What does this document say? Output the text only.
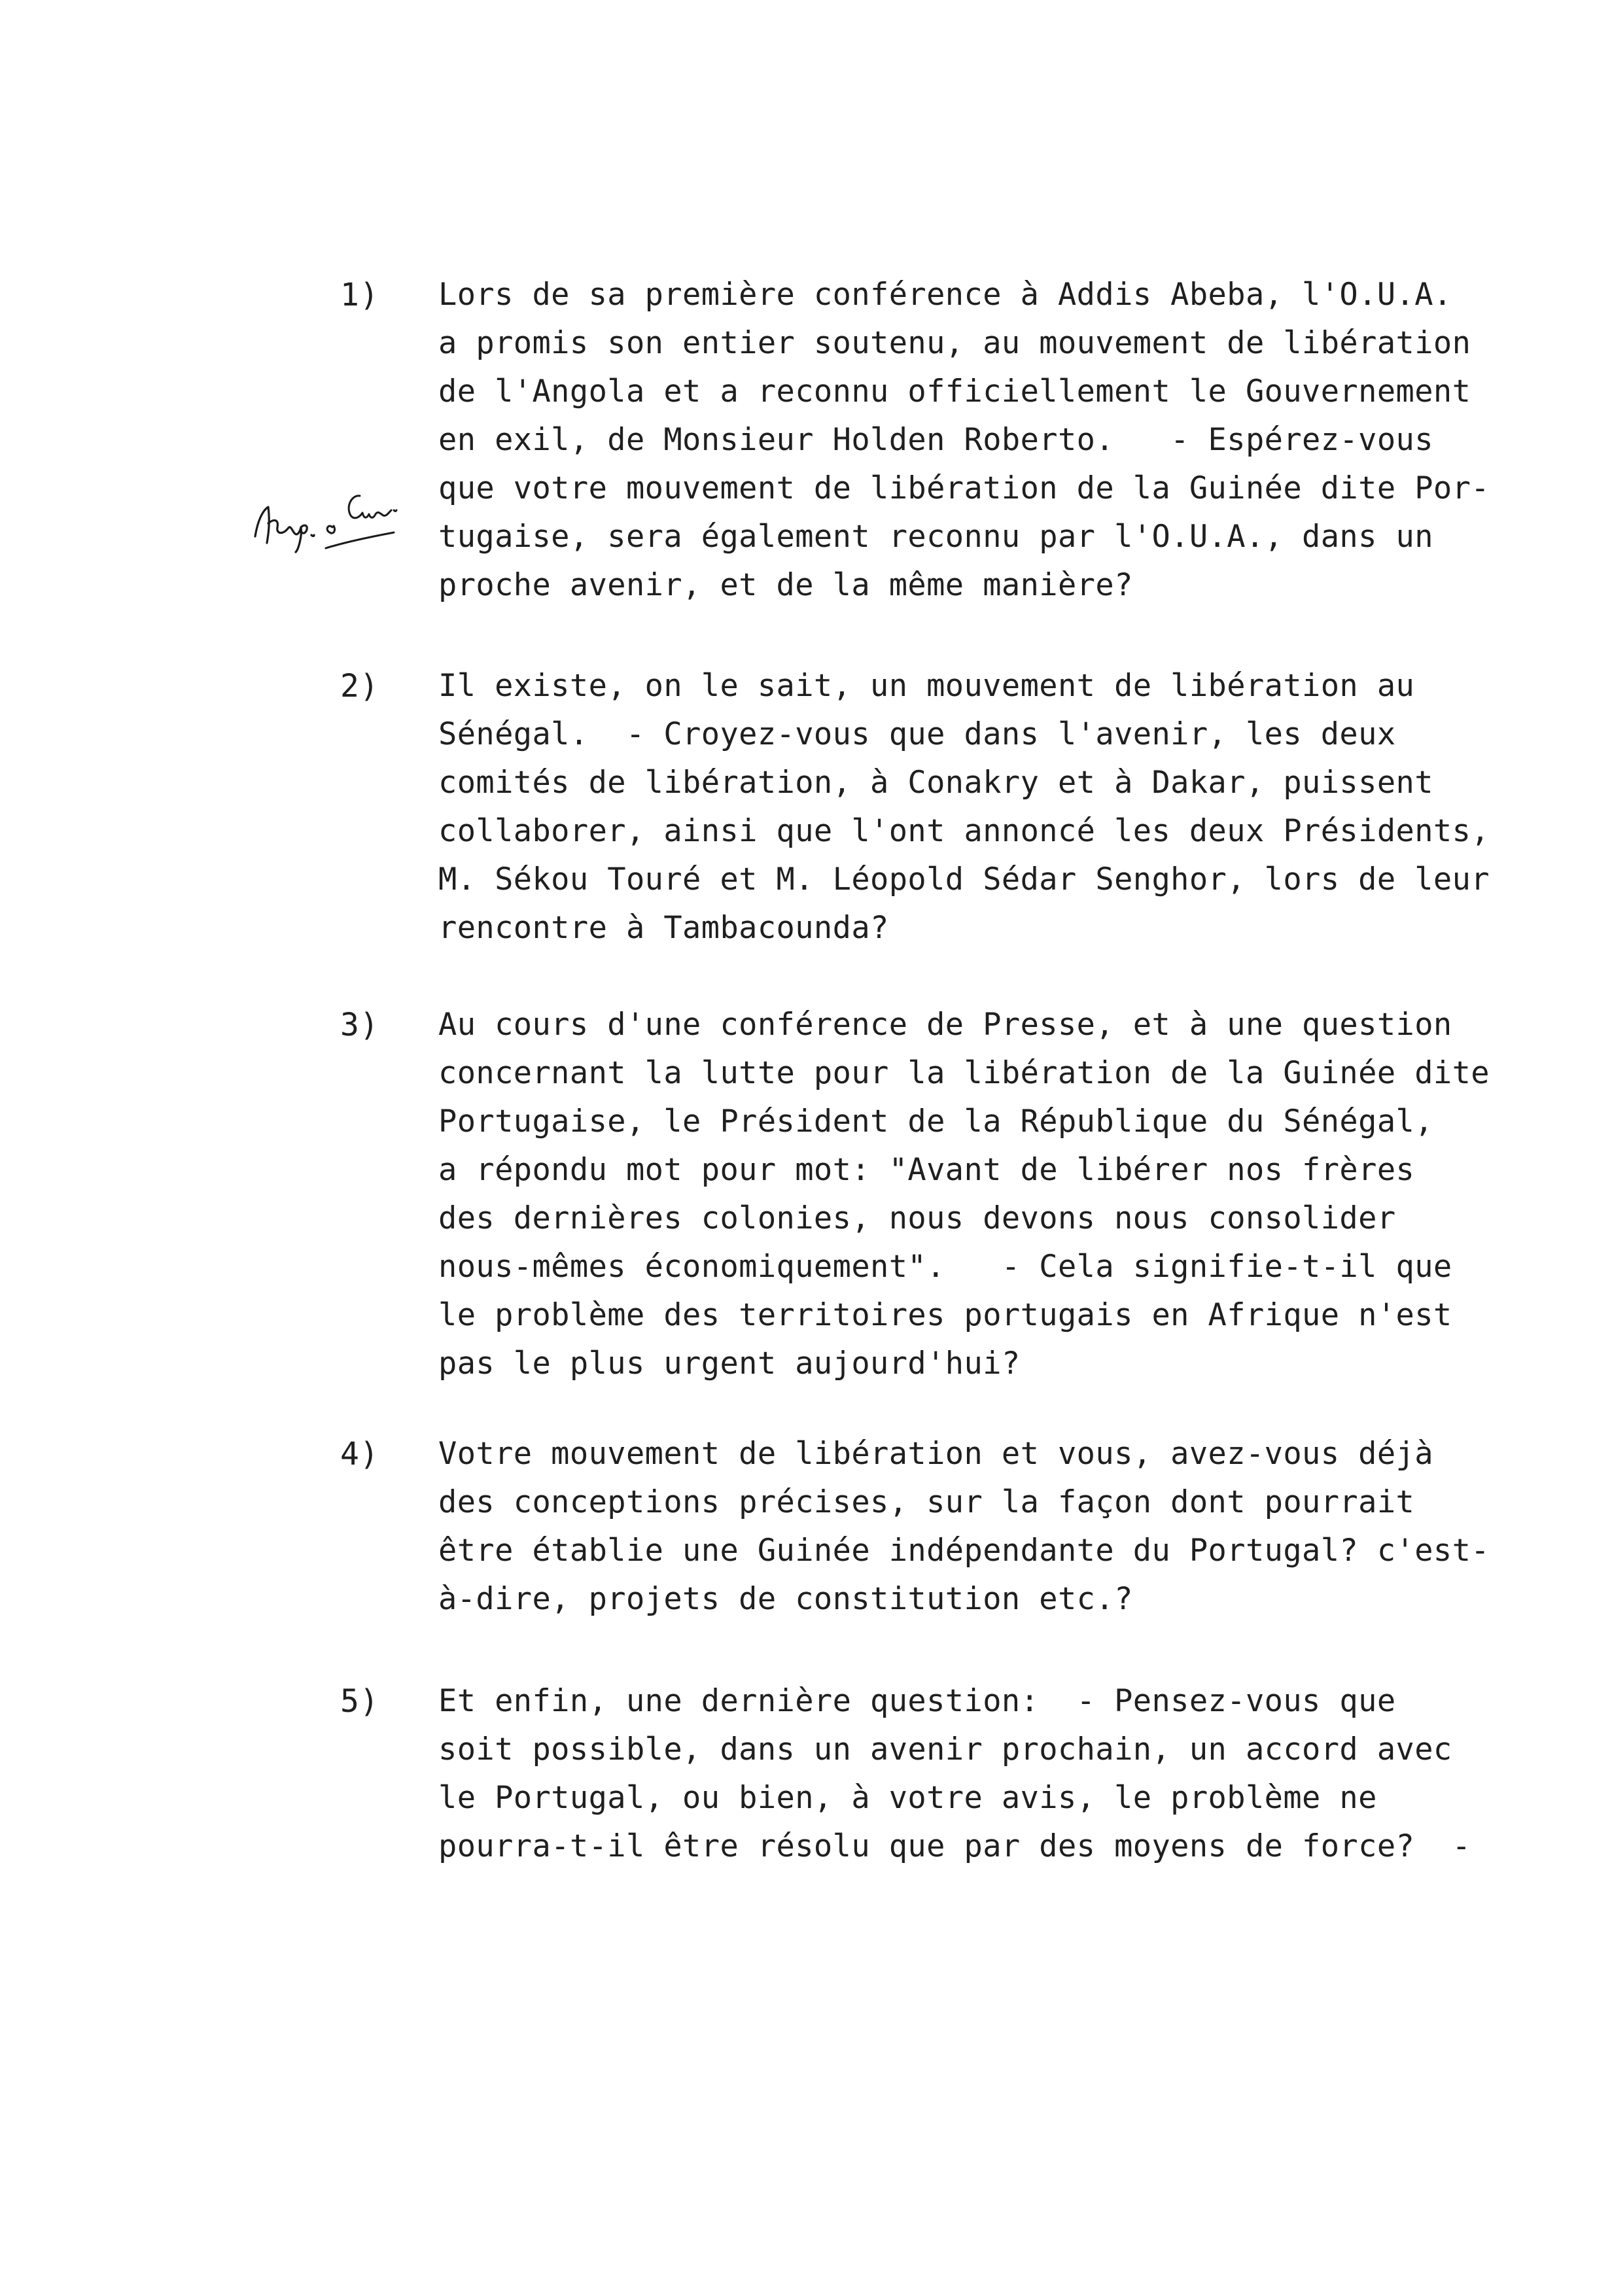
1)	Lors de sa première conférence à Addis Abeba, l'O.U.A.
a promis son entier soutenu, au mouvement de libération
de l'Angola et a reconnu officiellement le Gouvernement
en exil, de Monsieur Holden Roberto.   - Espérez-vous
que votre mouvement de libération de la Guinée dite Por-
tugaise, sera également reconnu par l'O.U.A., dans un
proche avenir, et de la même manière?
2)	Il existe, on le sait, un mouvement de libération au
Sénégal.  - Croyez-vous que dans l'avenir, les deux
comités de libération, à Conakry et à Dakar, puissent
collaborer, ainsi que l'ont annoncé les deux Présidents,
M. Sékou Touré et M. Léopold Sédar Senghor, lors de leur
rencontre à Tambacounda?
3)	Au cours d'une conférence de Presse, et à une question
concernant la lutte pour la libération de la Guinée dite
Portugaise, le Président de la République du Sénégal,
a répondu mot pour mot: "Avant de libérer nos frères
des dernières colonies, nous devons nous consolider
nous-mêmes économiquement".   - Cela signifie-t-il que
le problème des territoires portugais en Afrique n'est
pas le plus urgent aujourd'hui?
4)	Votre mouvement de libération et vous, avez-vous déjà
des conceptions précises, sur la façon dont pourrait
être établie une Guinée indépendante du Portugal? c'est-
à-dire, projets de constitution etc.?
5)	Et enfin, une dernière question:  - Pensez-vous que
soit possible, dans un avenir prochain, un accord avec
le Portugal, ou bien, à votre avis, le problème ne
pourra-t-il être résolu que par des moyens de force?  -
